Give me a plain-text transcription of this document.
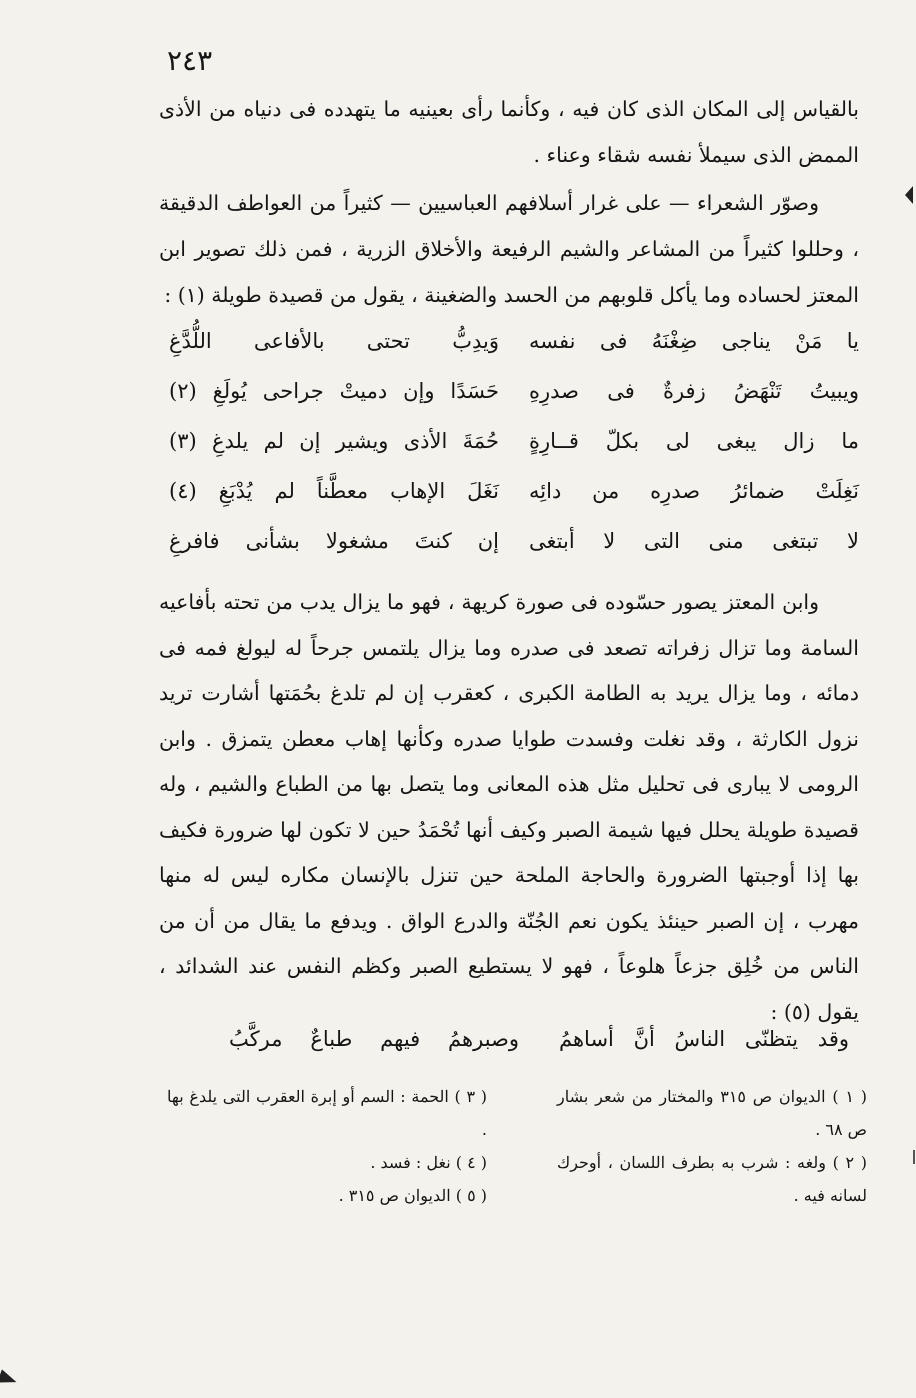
٢٤٣

بالقياس إلى المكان الذى كان فيه ، وكأنما رأى بعينيه ما يتهدده فى دنياه من الأذى الممض الذى سيملأ نفسه شقاء وعناء .

وصوّر الشعراء — على غرار أسلافهم العباسيين — كثيراً من العواطف الدقيقة ، وحللوا كثيراً من المشاعر والشيم الرفيعة والأخلاق الزرية ، فمن ذلك تصوير ابن المعتز لحساده وما يأكل قلوبهم من الحسد والضغينة ، يقول من قصيدة طويلة (١) :

يا مَنْ يناجى ضِغْنَهُ فى نفسه
وَيدِبُّ تحتى بالأفاعى اللُّدَّغِ
ويبيتُ تَنْهَضُ زفرةٌ فى صدرِهِ
حَسَدًا وإن دميتْ جراحى يُولَغِ (٢)
ما زال يبغى لى بكلّ قــارِةٍ
حُمَةَ الأذى ويشير إن لم يلدغِ (٣)
نَغِلَتْ ضمائرُ صدرِه من دائِه
نَغَلَ الإهاب معطَّناً لم يُدْبَغِ (٤)
لا تبتغى منى التى لا أبتغى
إن كنتَ مشغولا بشأنى فافرغِ

وابن المعتز يصور حسّوده فى صورة كريهة ، فهو ما يزال يدب من تحته بأفاعيه السامة وما تزال زفراته تصعد فى صدره وما يزال يلتمس جرحاً له ليولغ فمه فى دمائه ، وما يزال يريد به الطامة الكبرى ، كعقرب إن لم تلدغ بحُمَتها أشارت تريد نزول الكارثة ، وقد نغلت وفسدت طوايا صدره وكأنها إهاب معطن يتمزق . وابن الرومى لا يبارى فى تحليل مثل هذه المعانى وما يتصل بها من الطباع والشيم ، وله قصيدة طويلة يحلل فيها شيمة الصبر وكيف أنها تُحْمَدُ حين لا تكون لها ضرورة فكيف بها إذا أوجبتها الضرورة والحاجة الملحة حين تنزل بالإنسان مكاره ليس له منها مهرب ، إن الصبر حينئذ يكون نعم الجُنّة والدرع الواق . ويدفع ما يقال من أن من الناس من خُلِق جزعاً هلوعاً ، فهو لا يستطيع الصبر وكظم النفس عند الشدائد ، يقول (٥) :

وقد يتظنّى الناسُ أنَّ أساهمُ
وصبرهمُ فيهم طباعٌ مركَّبُ

( ١ ) الديوان ص ٣١٥ والمختار من شعر بشار ص ٦٨ .

( ٢ ) ولغه : شرب به بطرف اللسان ، أوحرك لسانه فيه .

( ٣ ) الحمة : السم أو إبرة العقرب التى يلدغ بها .

( ٤ ) نغل : فسد .

( ٥ ) الديوان ص ٣١٥ .
